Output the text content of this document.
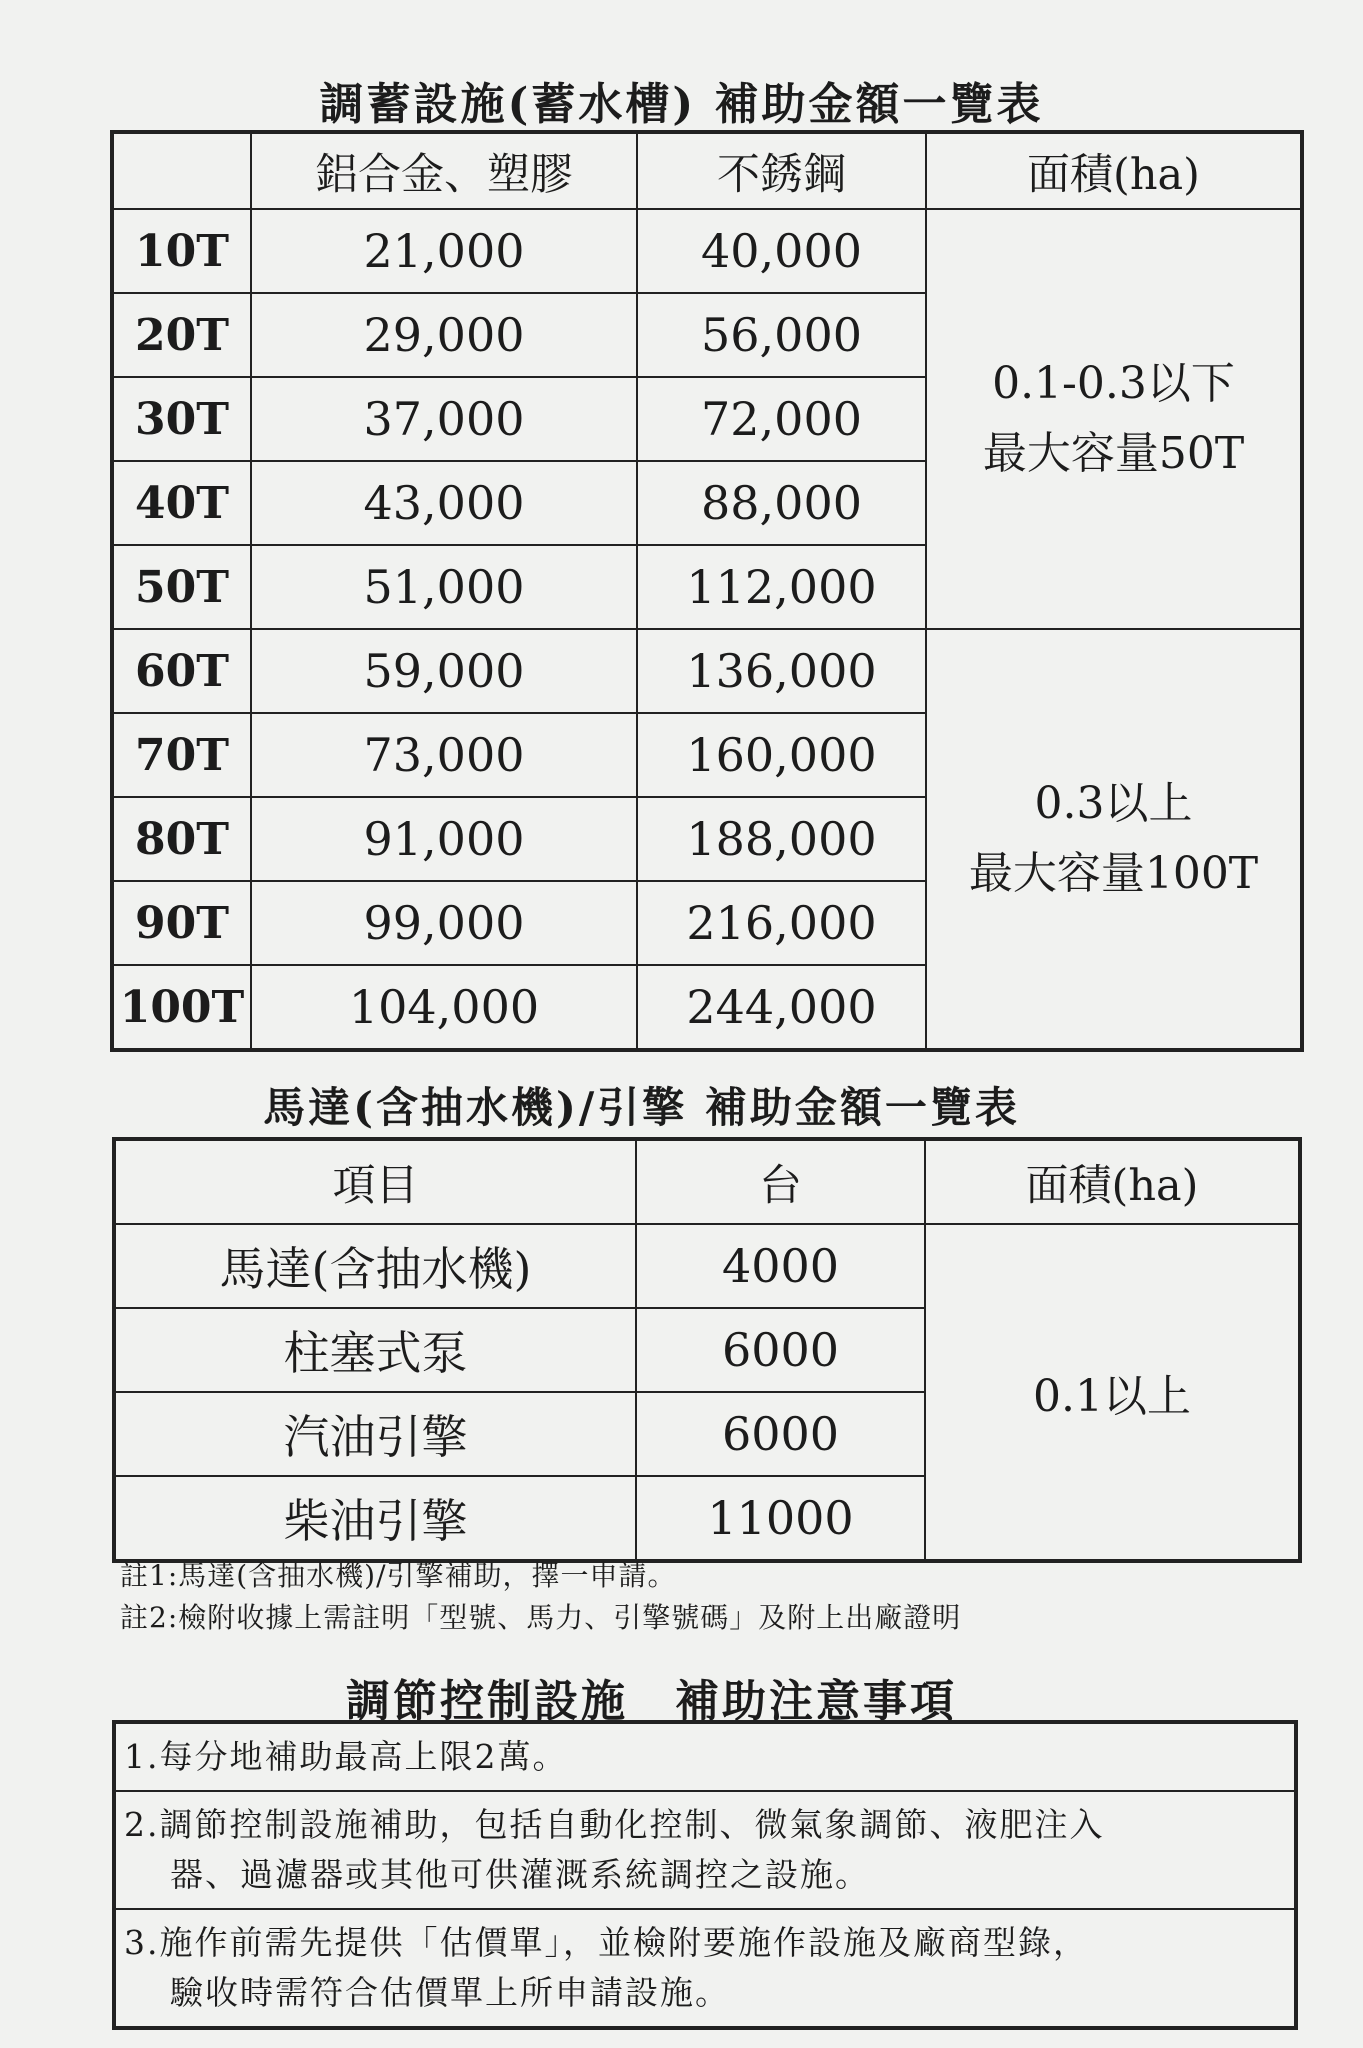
調蓄設施(蓄水槽) 補助金額一覽表
	鋁合金、塑膠	不銹鋼	面積(ha)
10T	21,000	40,000	0.1-0.3以下
最大容量50T
20T	29,000	56,000	
30T	37,000	72,000	
40T	43,000	88,000	
50T	51,000	112,000	
60T	59,000	136,000	0.3以上
最大容量100T
70T	73,000	160,000	
80T	91,000	188,000	
90T	99,000	216,000	
100T	104,000	244,000	
馬達(含抽水機)/引擎 補助金額一覽表
項目	台	面積(ha)
馬達(含抽水機)	4000	0.1以上
柱塞式泵	6000	
汽油引擎	6000	
柴油引擎	11000	
註1:馬達(含抽水機)/引擎補助，擇一申請。
註2:檢附收據上需註明「型號、馬力、引擎號碼」及附上出廠證明
調節控制設施　補助注意事項
1.每分地補助最高上限2萬。
2.調節控制設施補助，包括自動化控制、微氣象調節、液肥注入
器、過濾器或其他可供灌溉系統調控之設施。

3.施作前需先提供「估價單」，並檢附要施作設施及廠商型錄，
驗收時需符合估價單上所申請設施。
